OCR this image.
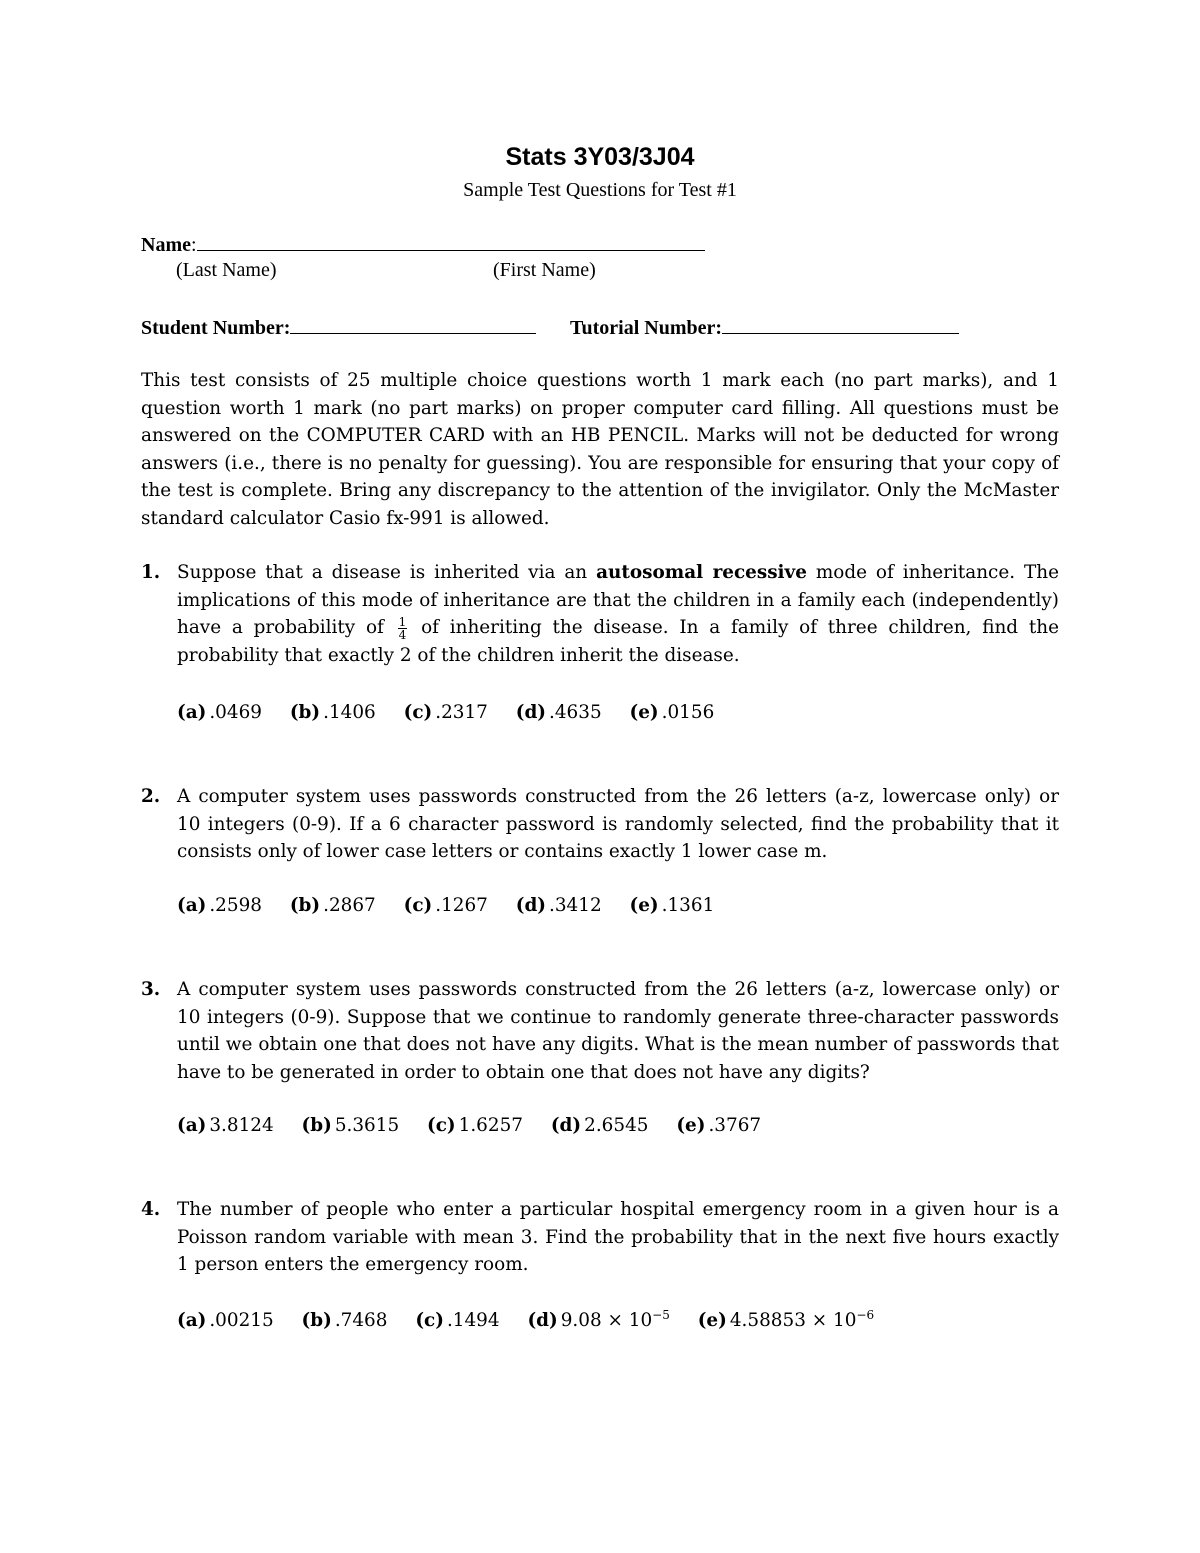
Stats 3Y03/3J04
Sample Test Questions for Test #1
Name:
(Last Name)	(First Name)
Student Number:	Tutorial Number:
This test consists of 25 multiple choice questions worth 1 mark each (no part marks), and 1 question worth 1 mark (no part marks) on proper computer card filling. All questions must be answered on the COMPUTER CARD with an HB PENCIL. Marks will not be deducted for wrong answers (i.e., there is no penalty for guessing). You are responsible for ensuring that your copy of the test is complete. Bring any discrepancy to the attention of the invigilator. Only the McMaster standard calculator Casio fx-991 is allowed.
1. Suppose that a disease is inherited via an autosomal recessive mode of inheritance. The implications of this mode of inheritance are that the children in a family each (independently) have a probability of $\frac{1}{4}$ of inheriting the disease. In a family of three children, find the probability that exactly 2 of the children inherit the disease.
(a) .0469 (b) .1406 (c) .2317 (d) .4635 (e) .0156
2. A computer system uses passwords constructed from the 26 letters (a-z, lowercase only) or 10 integers (0-9). If a 6 character password is randomly selected, find the probability that it consists only of lower case letters or contains exactly 1 lower case m.
(a) .2598 (b) .2867 (c) .1267 (d) .3412 (e) .1361
3. A computer system uses passwords constructed from the 26 letters (a-z, lowercase only) or 10 integers (0-9). Suppose that we continue to randomly generate three-character passwords until we obtain one that does not have any digits. What is the mean number of passwords that have to be generated in order to obtain one that does not have any digits?
(a) 3.8124 (b) 5.3615 (c) 1.6257 (d) 2.6545 (e) .3767
4. The number of people who enter a particular hospital emergency room in a given hour is a Poisson random variable with mean 3. Find the probability that in the next five hours exactly 1 person enters the emergency room.
(a) .00215 (b) .7468 (c) .1494 (d) $9.08 \times 10^{-5}$ (e) $4.58853 \times 10^{-6}$
